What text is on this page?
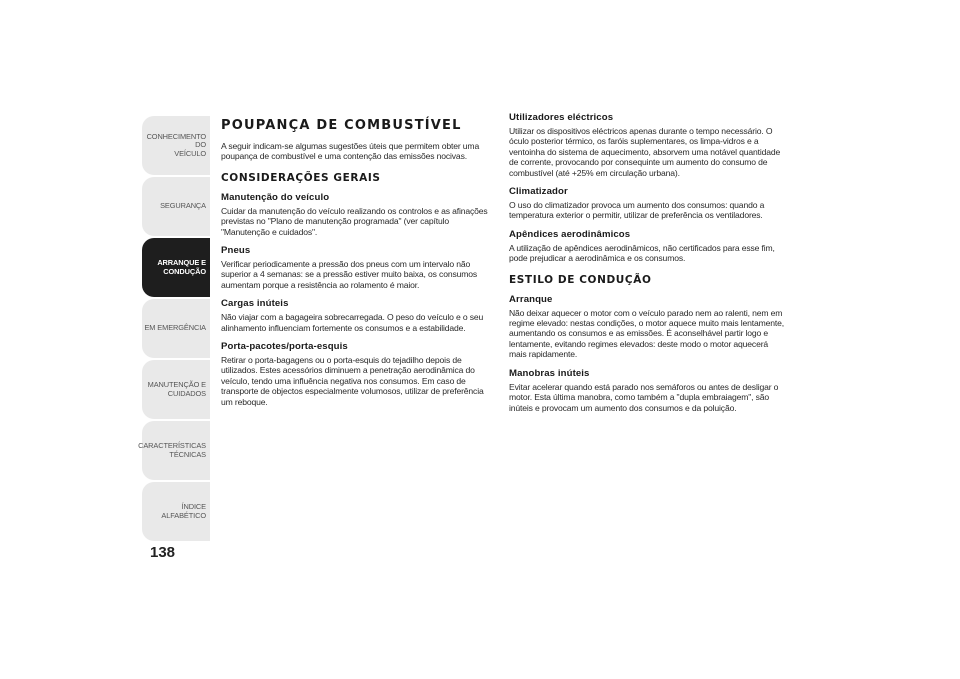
CONHECIMENTO DO
VEÍCULO
SEGURANÇA
ARRANQUE E
CONDUÇÃO
EM EMERGÊNCIA
MANUTENÇÃO E
CUIDADOS
CARACTERÍSTICAS
TÉCNICAS
ÍNDICE ALFABÉTICO
138
POUPANÇA DE COMBUSTÍVEL

A seguir indicam-se algumas sugestões úteis que permitem obter uma poupança de combustível e uma contenção das emissões nocivas.

CONSIDERAÇÕES GERAIS
Manutenção do veículo

Cuidar da manutenção do veículo realizando os controlos e as afinações previstas no "Plano de manutenção programada" (ver capítulo "Manutenção e cuidados".

Pneus

Verificar periodicamente a pressão dos pneus com um intervalo não superior a 4 semanas: se a pressão estiver muito baixa, os consumos aumentam porque a resistência ao rolamento é maior.

Cargas inúteis

Não viajar com a bagageira sobrecarregada. O peso do veículo e o seu alinhamento influenciam fortemente os consumos e a estabilidade.

Porta-pacotes/porta-esquis

Retirar o porta-bagagens ou o porta-esquis do tejadilho depois de utilizados. Estes acessórios diminuem a penetração aerodinâmica do veículo, tendo uma influência negativa nos consumos. Em caso de transporte de objectos especialmente volumosos, utilizar de preferência um reboque.

Utilizadores eléctricos

Utilizar os dispositivos eléctricos apenas durante o tempo necessário. O óculo posterior térmico, os faróis suplementares, os limpa-vidros e a ventoinha do sistema de aquecimento, absorvem uma notável quantidade de corrente, provocando por consequinte um aumento do consumo de combustível (até +25% em circulação urbana).

Climatizador

O uso do climatizador provoca um aumento dos consumos: quando a temperatura exterior o permitir, utilizar de preferência os ventiladores.

Apêndices aerodinâmicos

A utilização de apêndices aerodinâmicos, não certificados para esse fim, pode prejudicar a aerodinâmica e os consumos.

ESTILO DE CONDUÇÃO
Arranque

Não deixar aquecer o motor com o veículo parado nem ao ralenti, nem em regime elevado: nestas condições, o motor aquece muito mais lentamente, aumentando os consumos e as emissões. É aconselhável partir logo e lentamente, evitando regimes elevados: deste modo o motor aquecerá mais rapidamente.

Manobras inúteis

Evitar acelerar quando está parado nos semáforos ou antes de desligar o motor. Esta última manobra, como também a "dupla embraiagem", são inúteis e provocam um aumento dos consumos e da poluição.
